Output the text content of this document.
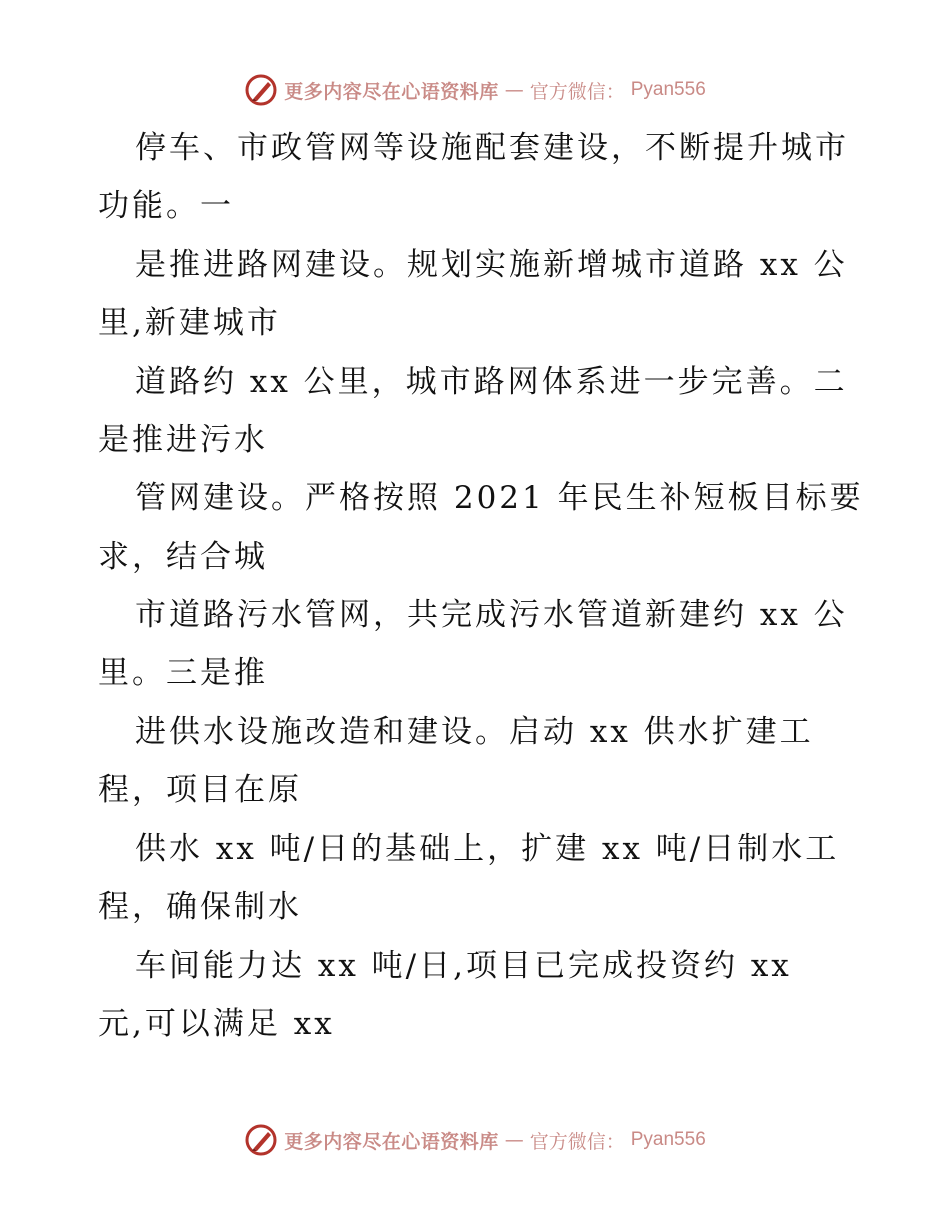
更多内容尽在心语资料库 — 官方微信： Pyan556
停车、市政管网等设施配套建设，不断提升城市
功能。一
是推进路网建设。规划实施新增城市道路 xx 公
里,新建城市
道路约 xx 公里，城市路网体系进一步完善。二
是推进污水
管网建设。严格按照 2021 年民生补短板目标要
求，结合城
市道路污水管网，共完成污水管道新建约 xx 公
里。三是推
进供水设施改造和建设。启动 xx 供水扩建工
程，项目在原
供水 xx 吨/日的基础上，扩建 xx 吨/日制水工
程，确保制水
车间能力达 xx 吨/日,项目已完成投资约 xx
元,可以满足 xx
更多内容尽在心语资料库 — 官方微信： Pyan556
